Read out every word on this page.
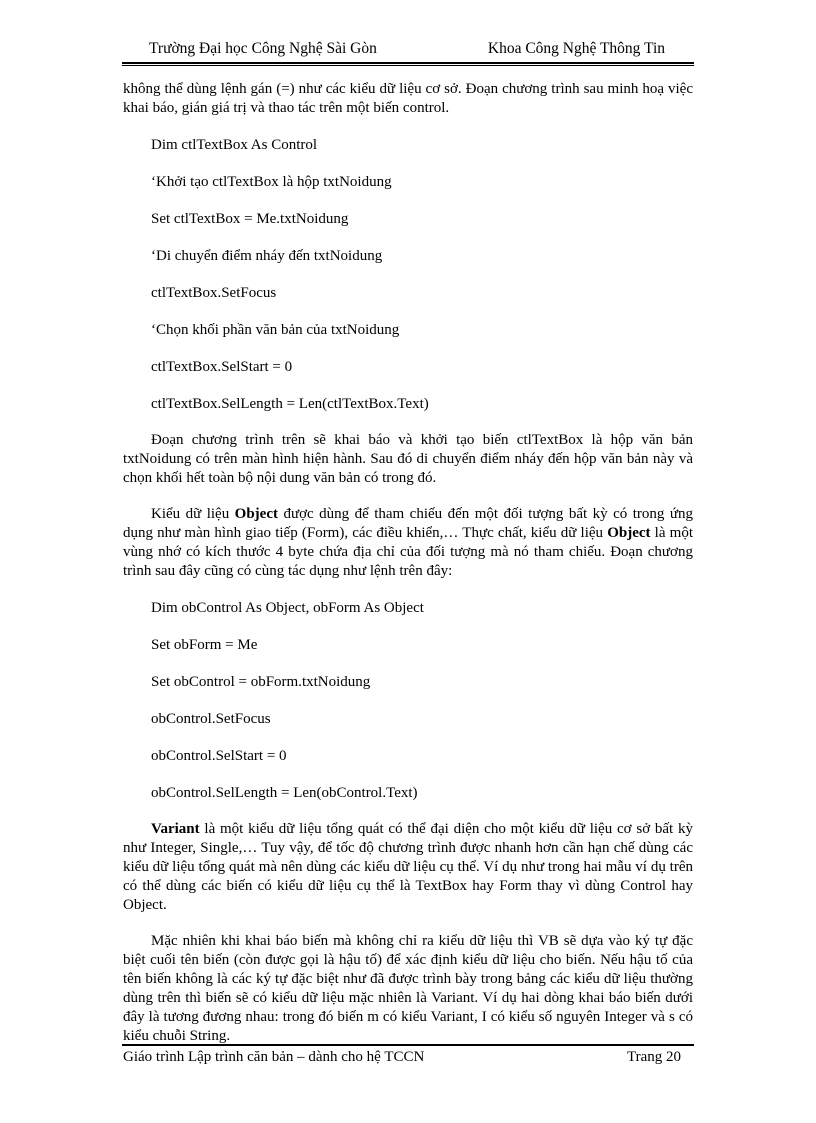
Trường Đại học Công Nghệ Sài Gòn	Khoa Công Nghệ Thông Tin

không thể dùng lệnh gán (=) như các kiểu dữ liệu cơ sở. Đoạn chương trình sau minh hoạ việc khai báo, gián giá trị và thao tác trên một biến control.

Dim ctlTextBox As Control

‘Khởi tạo ctlTextBox là hộp txtNoidung

Set ctlTextBox = Me.txtNoidung

‘Di chuyển điểm nháy đến txtNoidung

ctlTextBox.SetFocus

‘Chọn khối phần văn bản của txtNoidung

ctlTextBox.SelStart = 0

ctlTextBox.SelLength = Len(ctlTextBox.Text)

Đoạn chương trình trên sẽ khai báo và khởi tạo biến ctlTextBox là hộp văn bản txtNoidung có trên màn hình hiện hành. Sau đó di chuyển điểm nháy đến hộp văn bản này và chọn khối hết toàn bộ nội dung văn bản có trong đó.

Kiểu dữ liệu Object được dùng để tham chiếu đến một đối tượng bất kỳ có trong ứng dụng như màn hình giao tiếp (Form), các điều khiển,… Thực chất, kiểu dữ liệu Object là một vùng nhớ có kích thước 4 byte chứa địa chỉ của đối tượng mà nó tham chiếu. Đoạn chương trình sau đây cũng có cùng tác dụng như lệnh trên đây:

Dim obControl As Object, obForm As Object

Set obForm = Me

Set obControl = obForm.txtNoidung

obControl.SetFocus

obControl.SelStart = 0

obControl.SelLength = Len(obControl.Text)

Variant là một kiểu dữ liệu tổng quát có thể đại diện cho một kiểu dữ liệu cơ sở bất kỳ như Integer, Single,… Tuy vậy, để tốc độ chương trình được nhanh hơn cần hạn chế dùng các kiểu dữ liệu tổng quát mà nên dùng các kiểu dữ liệu cụ thể. Ví dụ như trong hai mẫu ví dụ trên có thể dùng các biến có kiểu dữ liệu cụ thể là TextBox hay Form thay vì dùng Control hay Object.

Mặc nhiên khi khai báo biến mà không chỉ ra kiểu dữ liệu thì VB sẽ dựa vào ký tự đặc biệt cuối tên biến (còn được gọi là hậu tố) để xác định kiểu dữ liệu cho biến. Nếu hậu tố của tên biến không là các ký tự đặc biệt như đã được trình bày trong bảng các kiểu dữ liệu thường dùng trên thì biến sẽ có kiểu dữ liệu mặc nhiên là Variant. Ví dụ hai dòng khai báo biến dưới đây là tương đương nhau: trong đó biến m có kiểu Variant, I có kiểu số nguyên Integer và s có kiểu chuỗi String.

Giáo trình Lập trình căn bản – dành cho hệ TCCN	Trang 20
